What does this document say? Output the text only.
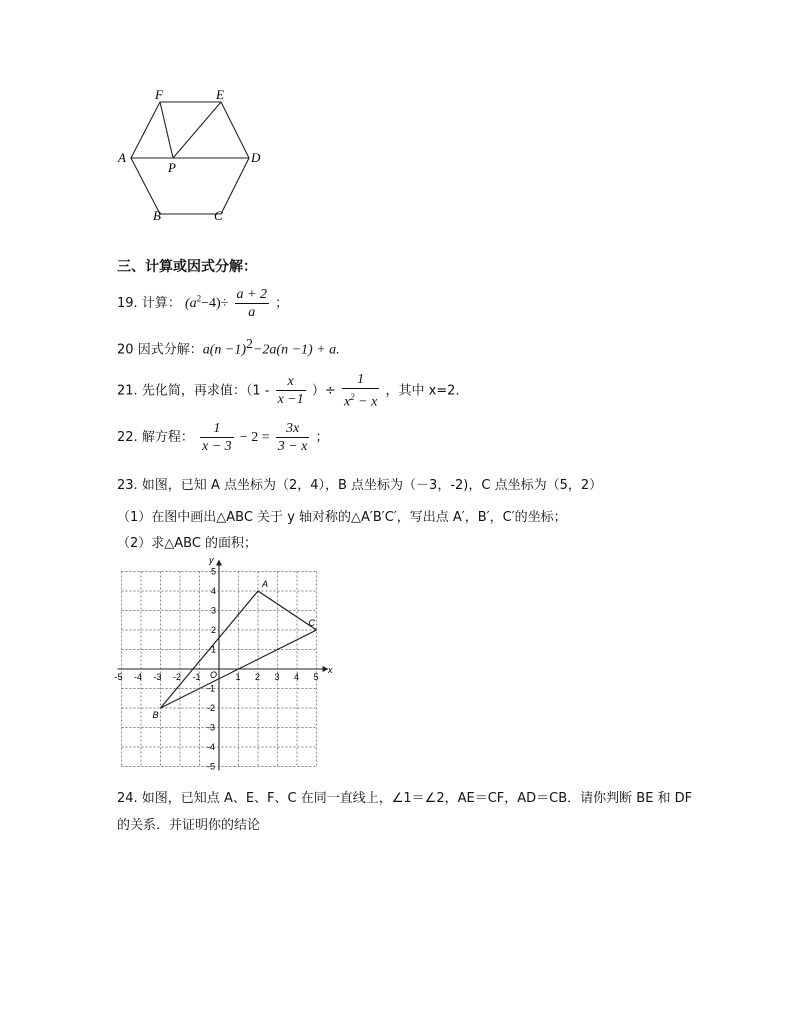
F	E
A	D
P
B	C
三、计算或因式分解：
19. 计算： $(a^2-4)\div \frac{a + 2}{a}$ ；
20 因式分解：$a(n -1)^2-2a(n -1) + a$.
21. 先化简，再求值：（$1 - \frac{x}{x -1}$ ）÷ $\frac{1}{x^2 - x}$ ，其中 x=2.
22. 解方程： $\frac{1}{x - 3} - 2 = \frac{3x}{3 - x}$ ；
23. 如图，已知 A 点坐标为（2，4），B 点坐标为（－3，-2)，C 点坐标为（5，2）
（1）在图中画出△ABC 关于 y 轴对称的△A′B′C′，写出点 A′，B′，C′的坐标；
（2）求△ABC 的面积；
-5 -4 -3 -2 -1	1 2 3 4 5
5
4
3
2
1
-1
-2
-3
-4
-5
A
B
C
x
y
O
24. 如图，已知点 A、E、F、C 在同一直线上，∠1＝∠2，AE＝CF，AD＝CB．请你判断 BE 和 DF
的关系．并证明你的结论
